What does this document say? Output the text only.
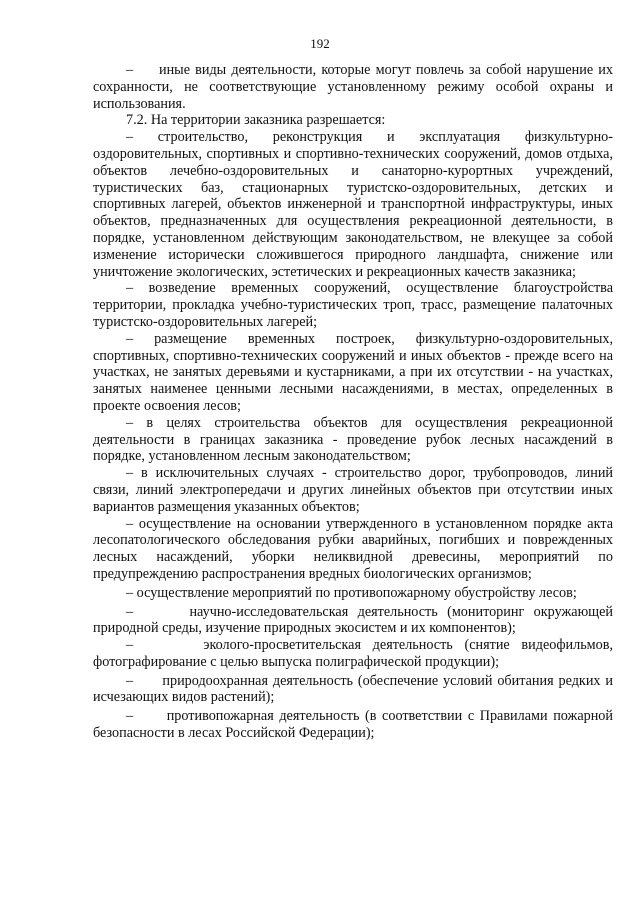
192

–     иные виды деятельности, которые могут повлечь за собой нарушение их сохранности, не соответствующие установленному режиму особой охраны и использования.

7.2. На территории заказника разрешается:

– строительство, реконструкция и эксплуатация физкультурно-оздоровительных, спортивных и спортивно-технических сооружений, домов отдыха, объектов лечебно-оздоровительных и санаторно-курортных учреждений, туристических баз, стационарных туристско-оздоровительных, детских и спортивных лагерей, объектов инженерной и транспортной инфраструктуры, иных объектов, предназначенных для осуществления рекреационной деятельности, в порядке, установленном действующим законодательством, не влекущее за собой изменение исторически сложившегося природного ландшафта, снижение или уничтожение экологических, эстетических и рекреационных качеств заказника;

– возведение временных сооружений, осуществление благоустройства территории, прокладка учебно-туристических троп, трасс, размещение палаточных туристско-оздоровительных лагерей;

– размещение временных построек, физкультурно-оздоровительных, спортивных, спортивно-технических сооружений и иных объектов - прежде всего на участках, не занятых деревьями и кустарниками, а при их отсутствии - на участках, занятых наименее ценными лесными насаждениями, в местах, определенных в проекте освоения лесов;

– в целях строительства объектов для осуществления рекреационной деятельности в границах заказника - проведение рубок лесных насаждений в порядке, установленном лесным законодательством;

– в исключительных случаях - строительство дорог, трубопроводов, линий связи, линий электропередачи и других линейных объектов при отсутствии иных вариантов размещения указанных объектов;

– осуществление на основании утвержденного в установленном порядке акта лесопатологического обследования рубки аварийных, погибших и поврежденных лесных насаждений, уборки неликвидной древесины, мероприятий по предупреждению распространения вредных биологических организмов;

– осуществление мероприятий по противопожарному обустройству лесов;

–      научно-исследовательская деятельность (мониторинг окружающей природной среды, изучение природных экосистем и их компонентов);

–      эколого-просветительская деятельность (снятие видеофильмов, фотографирование с целью выпуска полиграфической продукции);

–      природоохранная деятельность (обеспечение условий обитания редких и исчезающих видов растений);

–      противопожарная деятельность (в соответствии с Правилами пожарной безопасности в лесах Российской Федерации);
